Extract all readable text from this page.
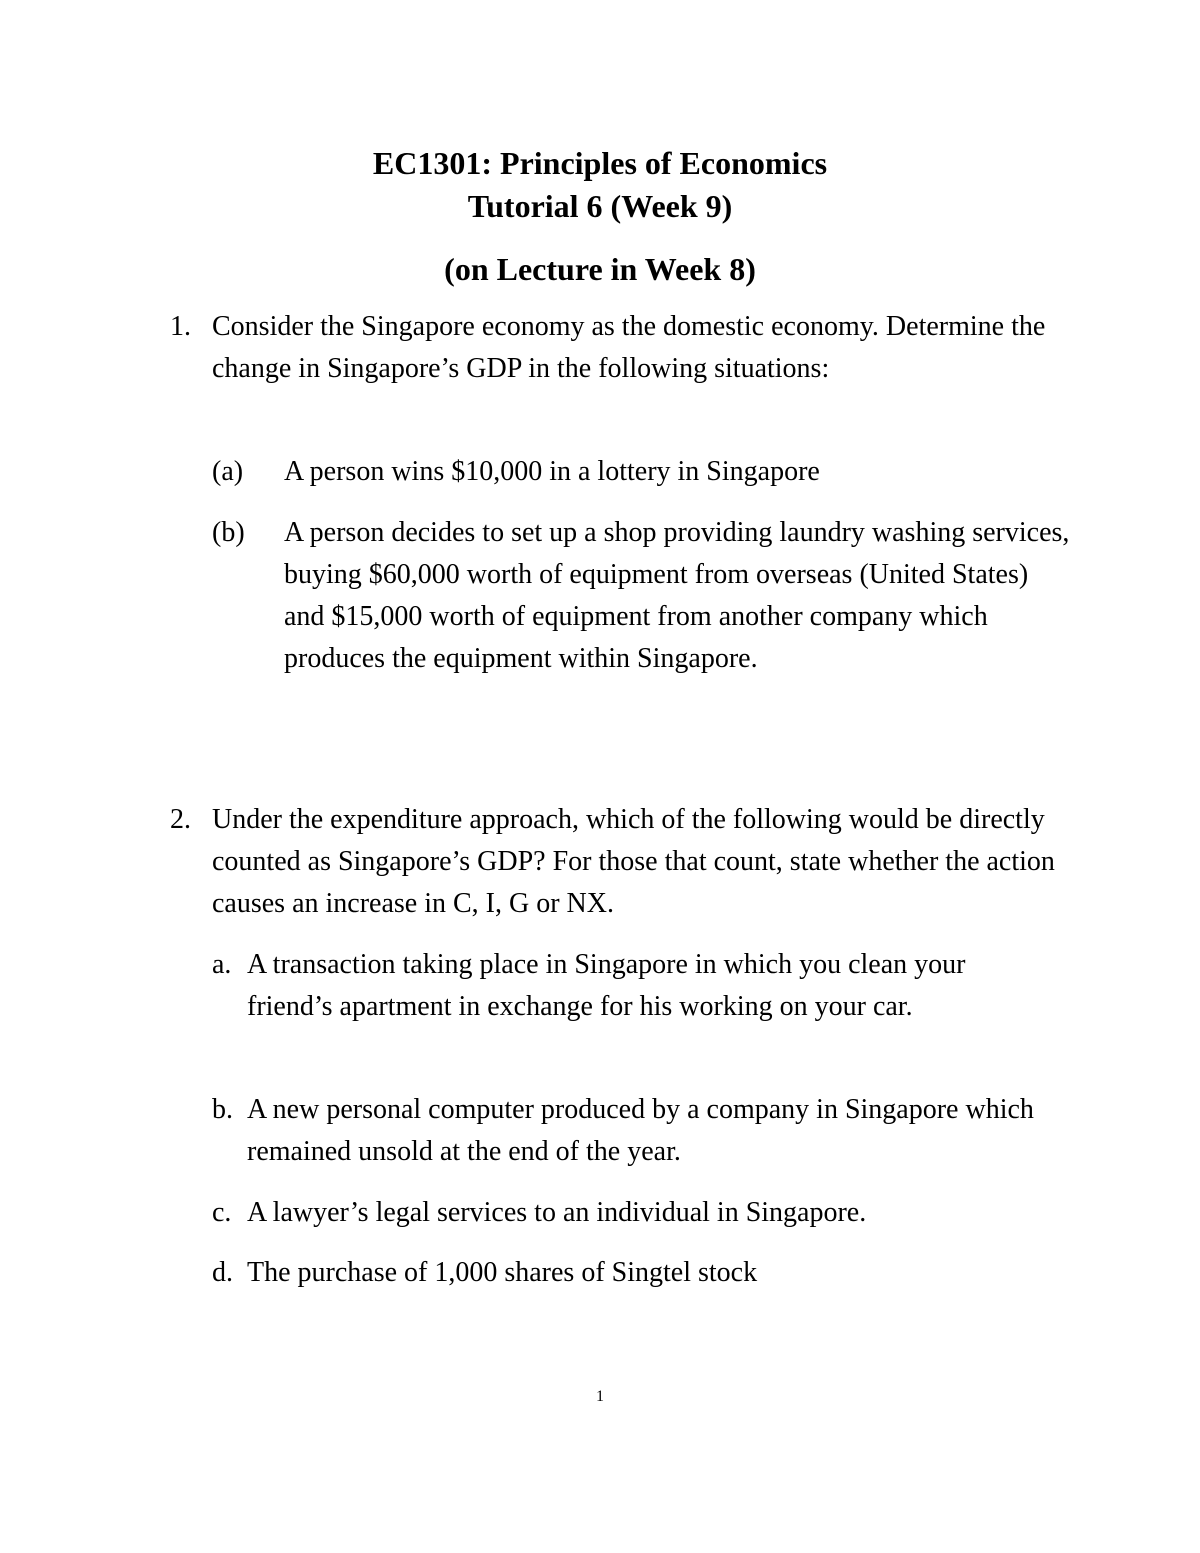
EC1301: Principles of Economics
Tutorial 6 (Week 9)
(on Lecture in Week 8)
1. Consider the Singapore economy as the domestic economy. Determine the change in Singapore’s GDP in the following situations:
(a) A person wins $10,000 in a lottery in Singapore
(b) A person decides to set up a shop providing laundry washing services, buying $60,000 worth of equipment from overseas (United States) and $15,000 worth of equipment from another company which produces the equipment within Singapore.
2. Under the expenditure approach, which of the following would be directly counted as Singapore’s GDP? For those that count, state whether the action causes an increase in C, I, G or NX.
a. A transaction taking place in Singapore in which you clean your friend’s apartment in exchange for his working on your car.
b. A new personal computer produced by a company in Singapore which remained unsold at the end of the year.
c. A lawyer’s legal services to an individual in Singapore.
d. The purchase of 1,000 shares of Singtel stock
1
